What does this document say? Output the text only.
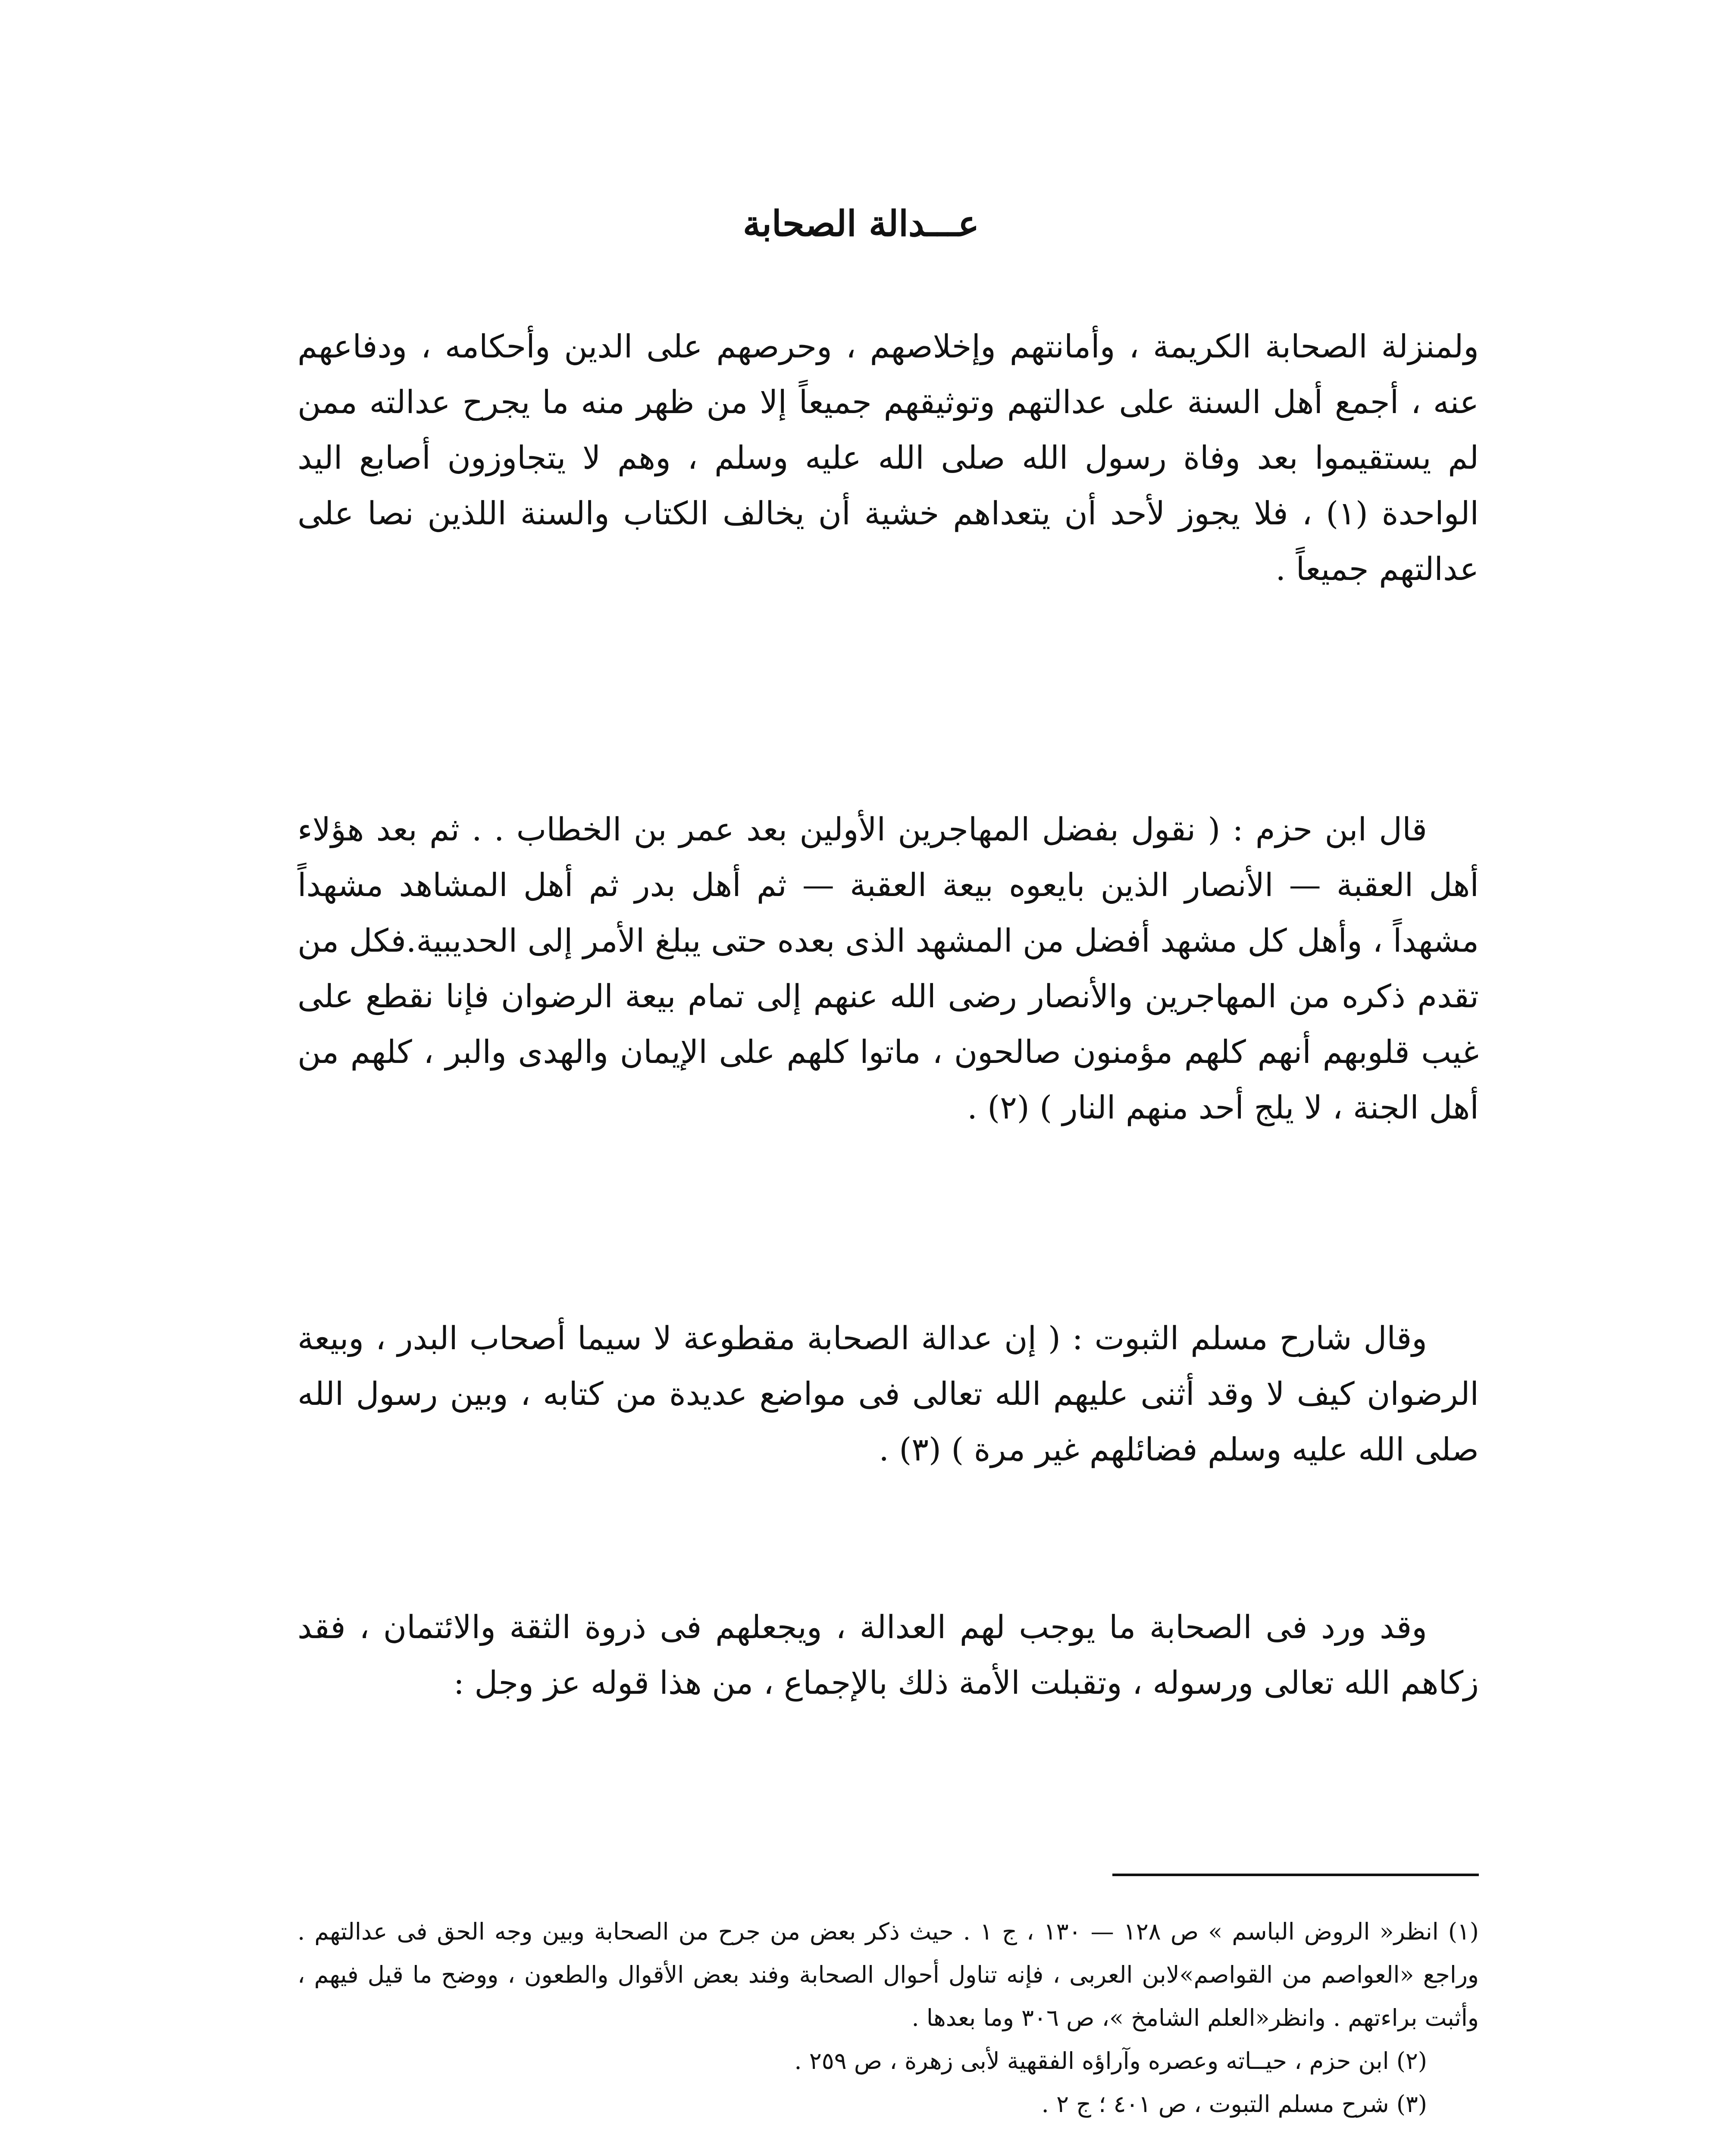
عـــدالة الصحابة

ولمنزلة الصحابة الكريمة ، وأمانتهم وإخلاصهم ، وحرصهم على الدين وأحكامه ، ودفاعهم عنه ، أجمع أهل السنة على عدالتهم وتوثيقهم جميعاً إلا من ظهر منه ما يجرح عدالته ممن لم يستقيموا بعد وفاة رسول الله صلى الله عليه وسلم ، وهم لا يتجاوزون أصابع اليد الواحدة (١) ، فلا يجوز لأحد أن يتعداهم خشية أن يخالف الكتاب والسنة اللذين نصا على عدالتهم جميعاً .

قال ابن حزم : ( نقول بفضل المهاجرين الأولين بعد عمر بن الخطاب . . ثم بعد هؤلاء أهل العقبة — الأنصار الذين بايعوه بيعة العقبة — ثم أهل بدر ثم أهل المشاهد مشهداً مشهداً ، وأهل كل مشهد أفضل من المشهد الذى بعده حتى يبلغ الأمر إلى الحديبية.فكل من تقدم ذكره من المهاجرين والأنصار رضى الله عنهم إلى تمام بيعة الرضوان فإنا نقطع على غيب قلوبهم أنهم كلهم مؤمنون صالحون ، ماتوا كلهم على الإيمان والهدى والبر ، كلهم من أهل الجنة ، لا يلج أحد منهم النار ) (٢) .

وقال شارح مسلم الثبوت : ( إن عدالة الصحابة مقطوعة لا سيما أصحاب البدر ، وبيعة الرضوان كيف لا وقد أثنى عليهم الله تعالى فى مواضع عديدة من كتابه ، وبين رسول الله صلى الله عليه وسلم فضائلهم غير مرة ) (٣) .

وقد ورد فى الصحابة ما يوجب لهم العدالة ، ويجعلهم فى ذروة الثقة والائتمان ، فقد زكاهم الله تعالى ورسوله ، وتقبلت الأمة ذلك بالإجماع ، من هذا قوله عز وجل :

(١) انظر« الروض الباسم » ص ١٢٨ — ١٣٠ ، ج ١ . حيث ذكر بعض من جرح من الصحابة وبين وجه الحق فى عدالتهم . وراجع «العواصم من القواصم»لابن العربى ، فإنه تناول أحوال الصحابة وفند بعض الأقوال والطعون ، ووضح ما قيل فيهم ، وأثبت براءتهم . وانظر«العلم الشامخ »، ص ٣٠٦ وما بعدها .

(٢) ابن حزم ، حيــاته وعصره وآراؤه الفقهية لأبى زهرة ، ص ٢٥٩ .

(٣) شرح مسلم التبوت ، ص ٤٠١ ؛ ج ٢ .
